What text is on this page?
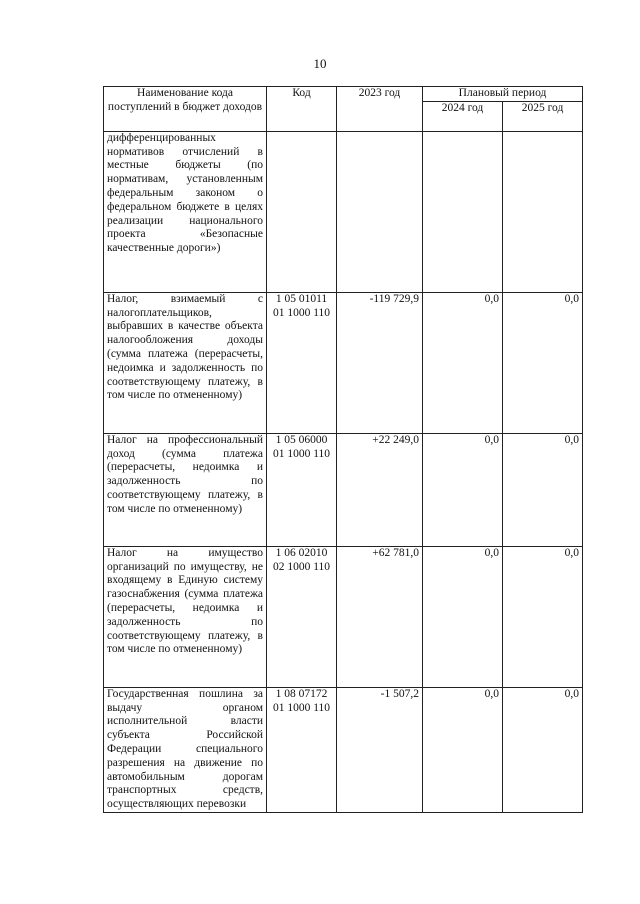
10
Наименование кода поступлений в бюджет доходов	Код	2023 год	Плановый период	
			2024 год	2025 год
дифференцированных нормативов отчислений в местные бюджеты (по нормативам, установленным федеральным законом о федеральном бюджете в целях реализации национального проекта «Безопасные качественные дороги»)	

Налог, взимаемый с налогоплательщиков, выбравших в качестве объекта налогообложения доходы (сумма платежа (перерасчеты, недоимка и задолженность по соответствующему платежу, в том числе по отмененному)	1 05 01011
01 1000 110	-119 729,9	0,0	0,0
Налог на профессиональный доход (сумма платежа (перерасчеты, недоимка и задолженность по соответствующему платежу, в том числе по отмененному)	1 05 06000
01 1000 110	+22 249,0	0,0	0,0
Налог на имущество организаций по имуществу, не входящему в Единую систему газоснабжения (сумма платежа (перерасчеты, недоимка и задолженность по соответствующему платежу, в том числе по отмененному)	1 06 02010
02 1000 110	+62 781,0	0,0	0,0
Государственная пошлина за выдачу органом исполнительной власти субъекта Российской Федерации специального разрешения на движение по автомобильным дорогам транспортных средств, осуществляющих перевозки	1 08 07172
01 1000 110	-1 507,2	0,0	0,0
